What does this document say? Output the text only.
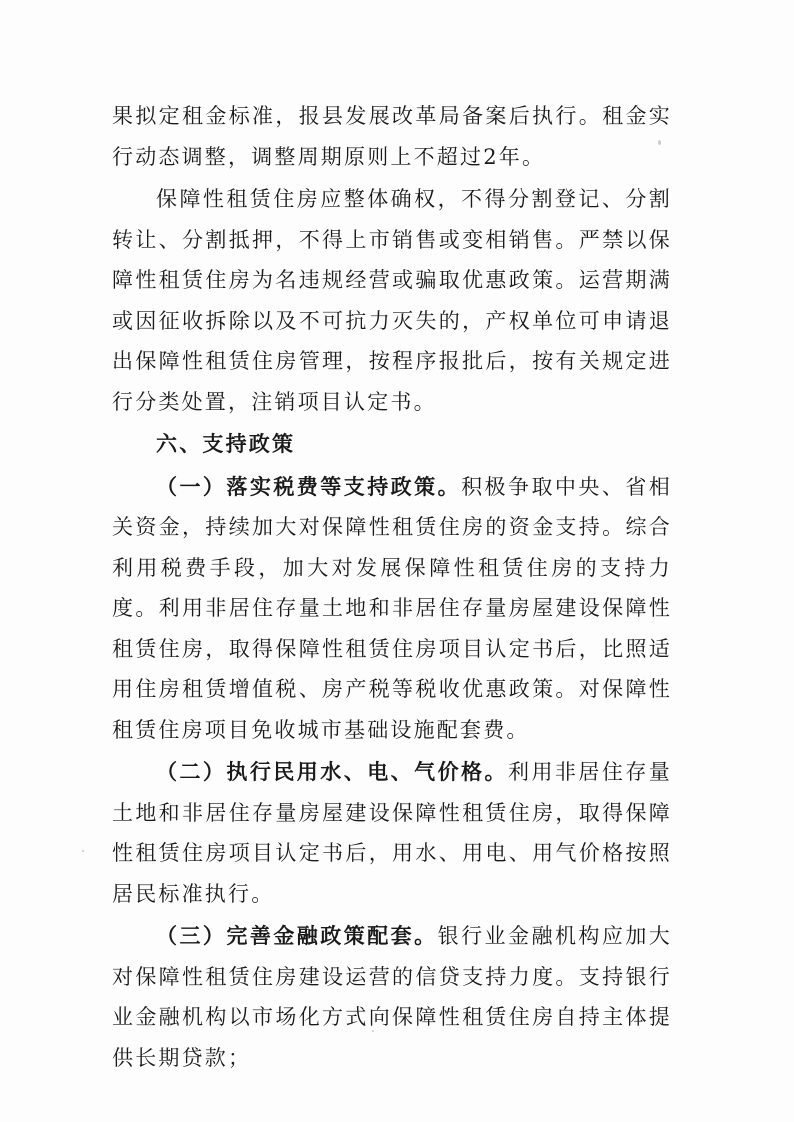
果拟定租金标准，报县发展改革局备案后执行。租金实行动态调整，调整周期原则上不超过2年。

保障性租赁住房应整体确权，不得分割登记、分割转让、分割抵押，不得上市销售或变相销售。严禁以保障性租赁住房为名违规经营或骗取优惠政策。运营期满或因征收拆除以及不可抗力灭失的，产权单位可申请退出保障性租赁住房管理，按程序报批后，按有关规定进行分类处置，注销项目认定书。

六、支持政策

（一）落实税费等支持政策。积极争取中央、省相关资金，持续加大对保障性租赁住房的资金支持。综合利用税费手段，加大对发展保障性租赁住房的支持力度。利用非居住存量土地和非居住存量房屋建设保障性租赁住房，取得保障性租赁住房项目认定书后，比照适用住房租赁增值税、房产税等税收优惠政策。对保障性租赁住房项目免收城市基础设施配套费。

（二）执行民用水、电、气价格。利用非居住存量土地和非居住存量房屋建设保障性租赁住房，取得保障性租赁住房项目认定书后，用水、用电、用气价格按照居民标准执行。

（三）完善金融政策配套。银行业金融机构应加大对保障性租赁住房建设运营的信贷支持力度。支持银行业金融机构以市场化方式向保障性租赁住房自持主体提供长期贷款；
